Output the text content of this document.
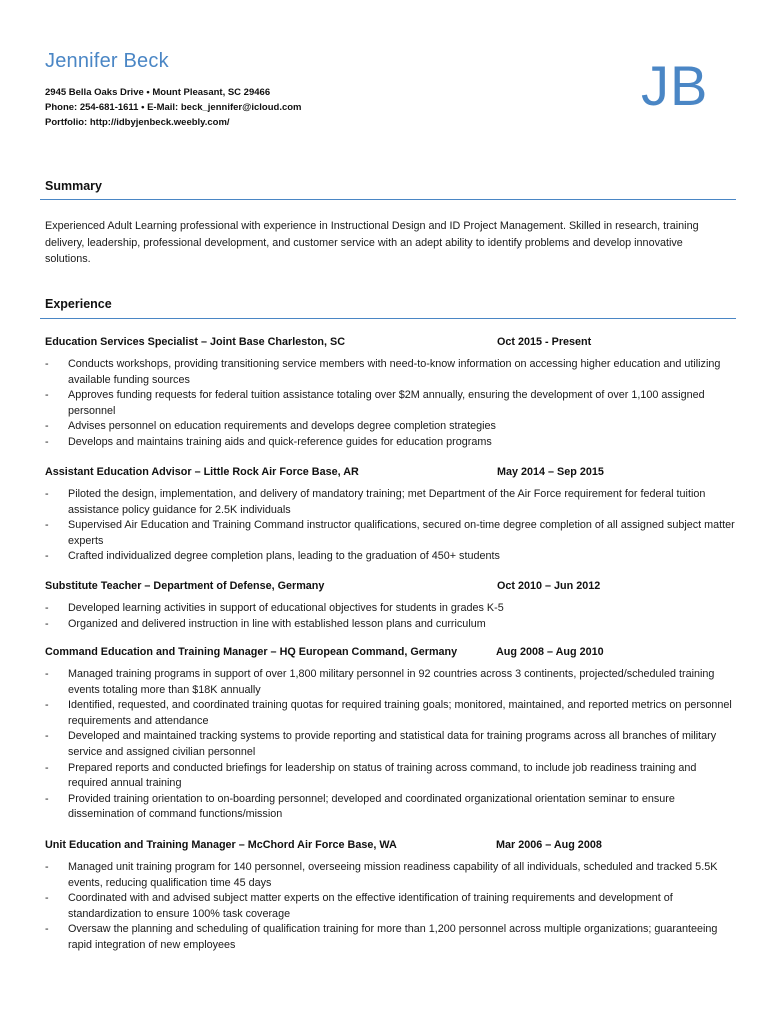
Jennifer Beck	JB
2945 Bella Oaks Drive • Mount Pleasant, SC 29466
Phone: 254-681-1611 • E-Mail: beck_jennifer@icloud.com
Portfolio: http://idbyjenbeck.weebly.com/
Summary
Experienced Adult Learning professional with experience in Instructional Design and ID Project Management. Skilled in research, training delivery, leadership, professional development, and customer service with an adept ability to identify problems and develop innovative solutions.
Experience
Education Services Specialist – Joint Base Charleston, SC	Oct 2015 - Present
- Conducts workshops, providing transitioning service members with need-to-know information on accessing higher education and utilizing available funding sources
- Approves funding requests for federal tuition assistance totaling over $2M annually, ensuring the development of over 1,100 assigned personnel
- Advises personnel on education requirements and develops degree completion strategies
- Develops and maintains training aids and quick-reference guides for education programs
Assistant Education Advisor – Little Rock Air Force Base, AR	May 2014 – Sep 2015
- Piloted the design, implementation, and delivery of mandatory training; met Department of the Air Force requirement for federal tuition assistance policy guidance for 2.5K individuals
- Supervised Air Education and Training Command instructor qualifications, secured on-time degree completion of all assigned subject matter experts
- Crafted individualized degree completion plans, leading to the graduation of 450+ students
Substitute Teacher – Department of Defense, Germany	Oct 2010 – Jun 2012
- Developed learning activities in support of educational objectives for students in grades K-5
- Organized and delivered instruction in line with established lesson plans and curriculum
Command Education and Training Manager – HQ European Command, Germany	Aug 2008 – Aug 2010
- Managed training programs in support of over 1,800 military personnel in 92 countries across 3 continents, projected/scheduled training events totaling more than $18K annually
- Identified, requested, and coordinated training quotas for required training goals; monitored, maintained, and reported metrics on personnel requirements and attendance
- Developed and maintained tracking systems to provide reporting and statistical data for training programs across all branches of military service and assigned civilian personnel
- Prepared reports and conducted briefings for leadership on status of training across command, to include job readiness training and required annual training
- Provided training orientation to on-boarding personnel; developed and coordinated organizational orientation seminar to ensure dissemination of command functions/mission
Unit Education and Training Manager – McChord Air Force Base, WA	Mar 2006 – Aug 2008
- Managed unit training program for 140 personnel, overseeing mission readiness capability of all individuals, scheduled and tracked 5.5K events, reducing qualification time 45 days
- Coordinated with and advised subject matter experts on the effective identification of training requirements and development of standardization to ensure 100% task coverage
- Oversaw the planning and scheduling of qualification training for more than 1,200 personnel across multiple organizations; guaranteeing rapid integration of new employees
